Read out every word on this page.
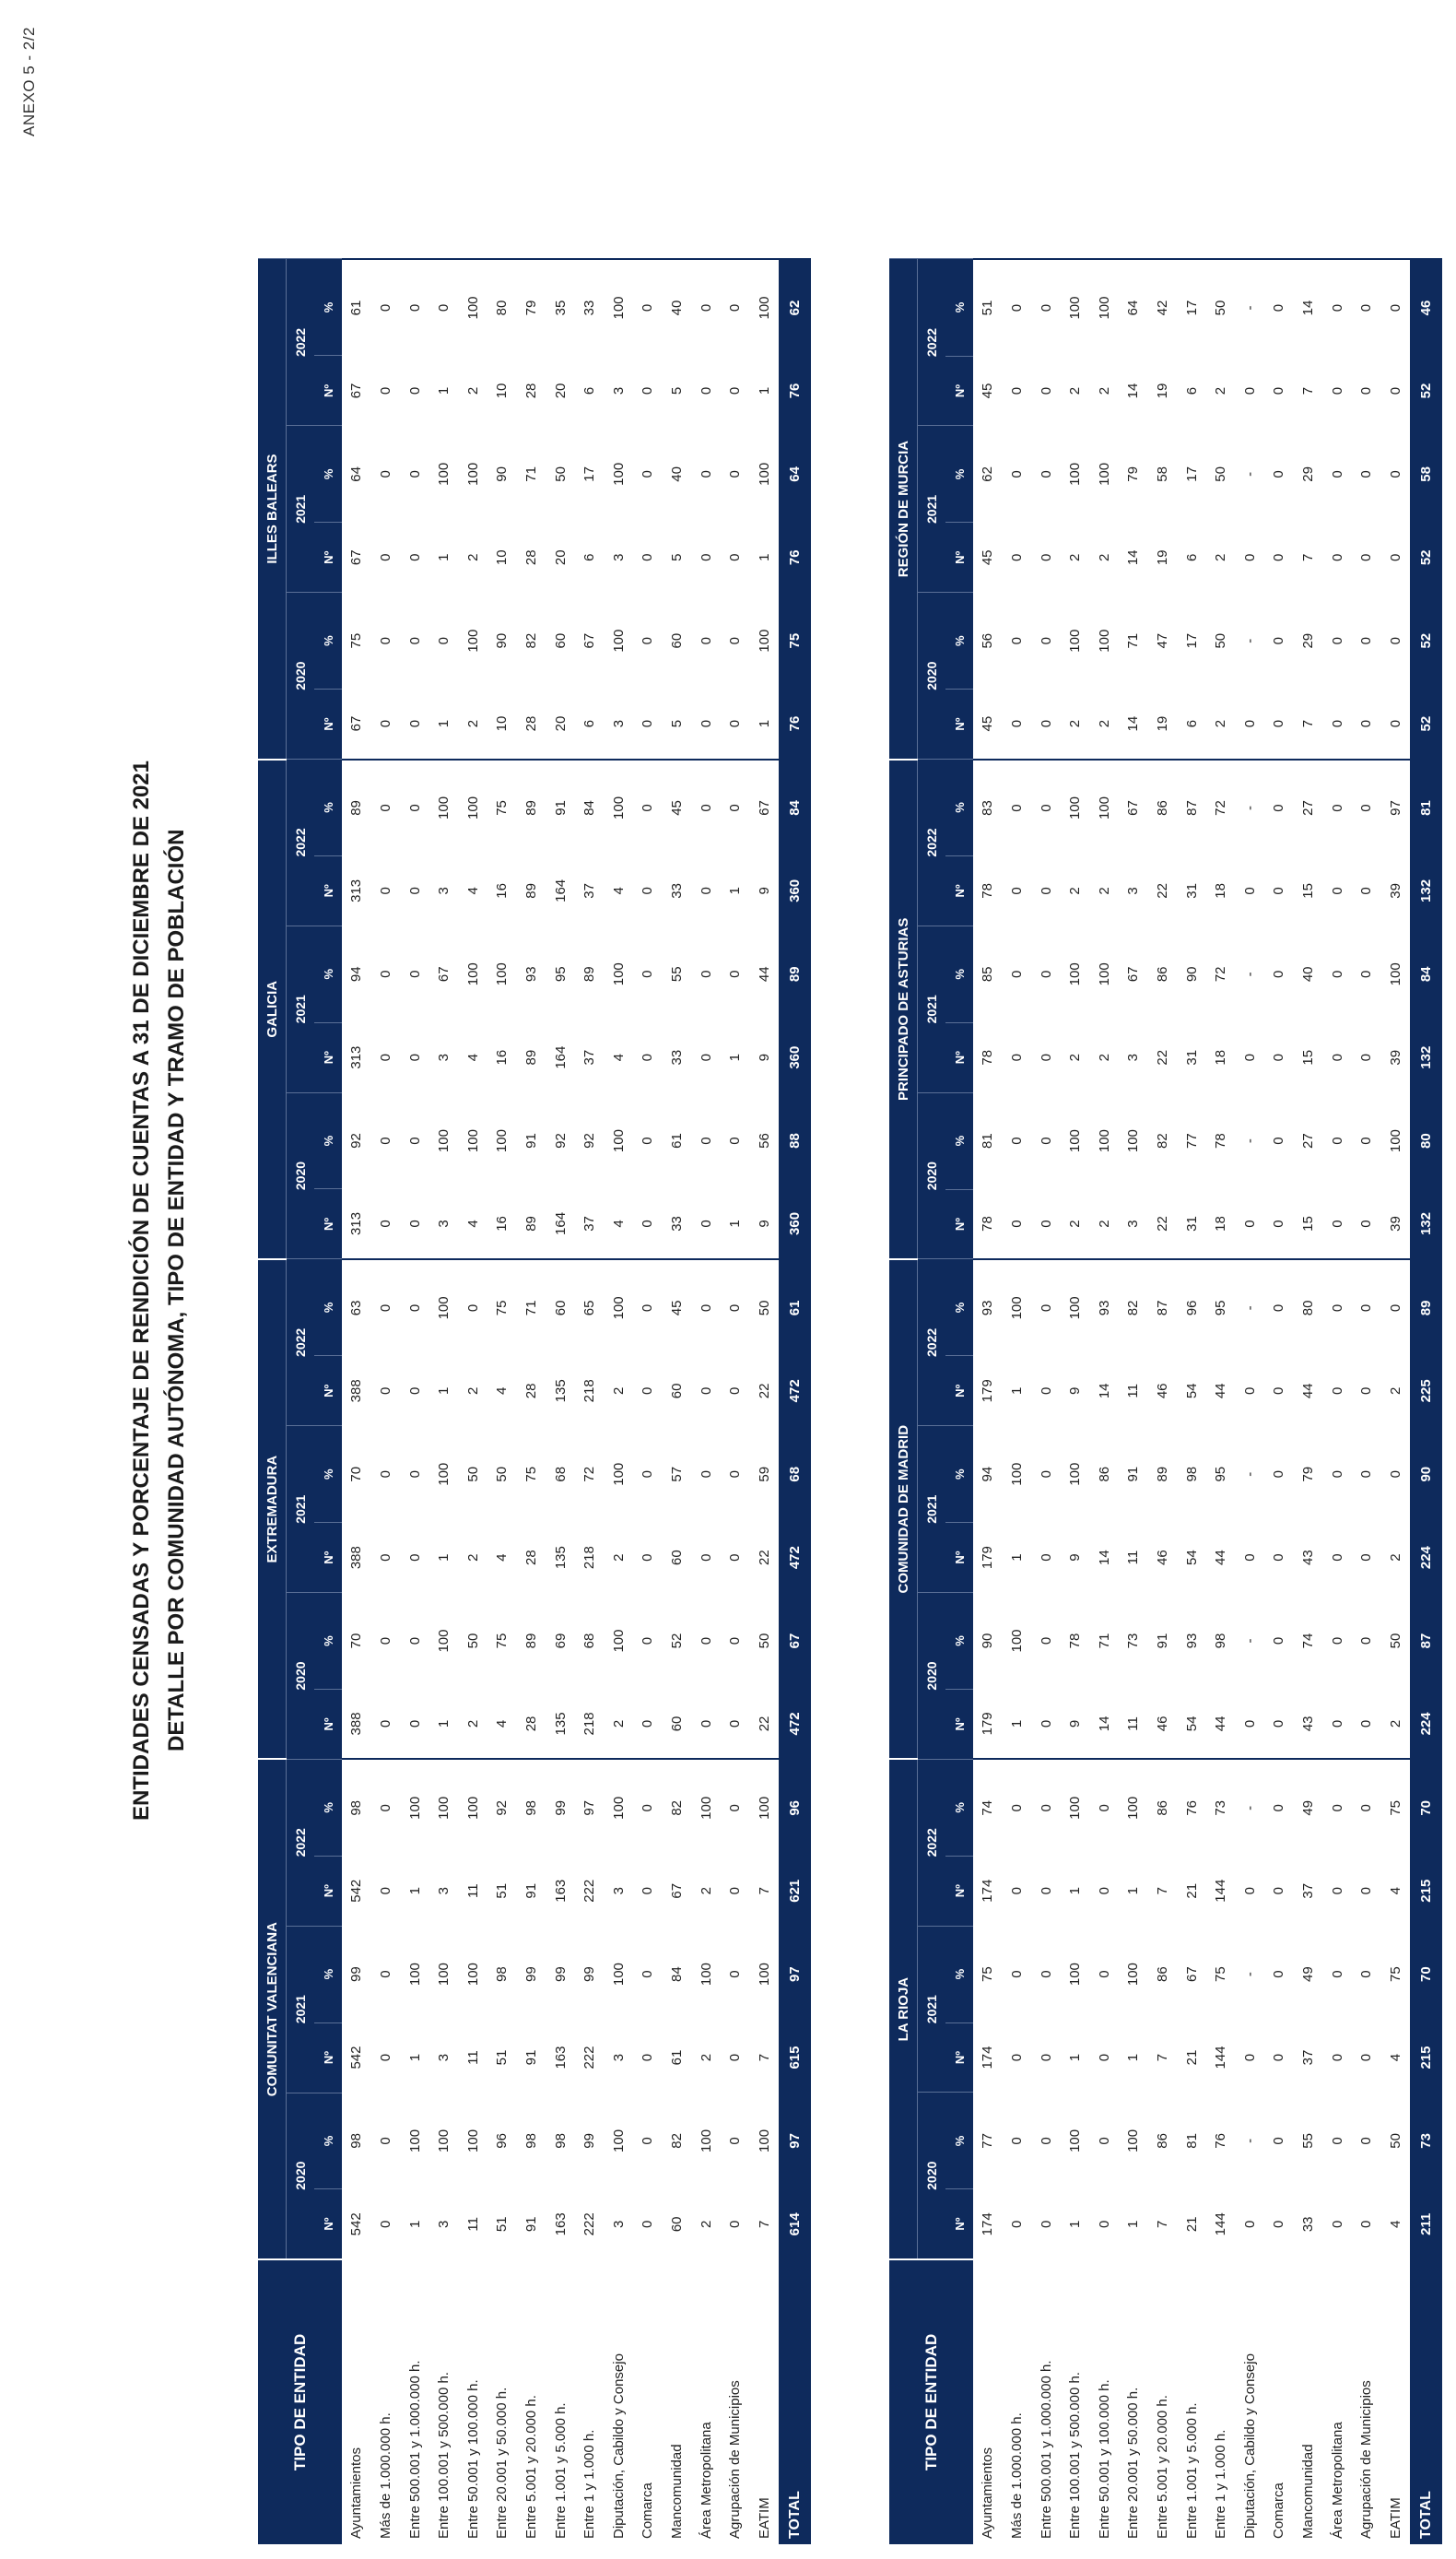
ANEXO 5 - 2/2
ENTIDADES CENSADAS Y PORCENTAJE DE RENDICIÓN DE CUENTAS A 31 DE DICIEMBRE DE 2021 DETALLE POR COMUNIDAD AUTÓNOMA, TIPO DE ENTIDAD Y TRAMO DE POBLACIÓN
TIPO DE ENTIDAD	COMUNITAT VALENCIANA						EXTREMADURA						GALICIA						ILLES BALEARS					
	2020		2021		2022		2020		2021		2022		2020		2021		2022		2020		2021		2022	
	Nº	%	Nº	%	Nº	%	Nº	%	Nº	%	Nº	%	Nº	%	Nº	%	Nº	%	Nº	%	Nº	%	Nº	%
Ayuntamientos	542	98	542	99	542	98	388	70	388	70	388	63	313	92	313	94	313	89	67	75	67	64	67	61
Más de 1.000.000 h.	0	0	0	0	0	0	0	0	0	0	0	0	0	0	0	0	0	0	0	0	0	0	0	0
Entre 500.001 y 1.000.000 h.	1	100	1	100	1	100	0	0	0	0	0	0	0	0	0	0	0	0	0	0	0	0	0	0
Entre 100.001 y 500.000 h.	3	100	3	100	3	100	1	100	1	100	1	100	3	100	3	67	3	100	1	0	1	100	1	0
Entre 50.001 y 100.000 h.	11	100	11	100	11	100	2	50	2	50	2	0	4	100	4	100	4	100	2	100	2	100	2	100
Entre 20.001 y 50.000 h.	51	96	51	98	51	92	4	75	4	50	4	75	16	100	16	100	16	75	10	90	10	90	10	80
Entre 5.001 y 20.000 h.	91	98	91	99	91	98	28	89	28	75	28	71	89	91	89	93	89	89	28	82	28	71	28	79
Entre 1.001 y 5.000 h.	163	98	163	99	163	99	135	69	135	68	135	60	164	92	164	95	164	91	20	60	20	50	20	35
Entre 1 y 1.000 h.	222	99	222	99	222	97	218	68	218	72	218	65	37	92	37	89	37	84	6	67	6	17	6	33
Diputación, Cabildo y Consejo	3	100	3	100	3	100	2	100	2	100	2	100	4	100	4	100	4	100	3	100	3	100	3	100
Comarca	0	0	0	0	0	0	0	0	0	0	0	0	0	0	0	0	0	0	0	0	0	0	0	0
Mancomunidad	60	82	61	84	67	82	60	52	60	57	60	45	33	61	33	55	33	45	5	60	5	40	5	40
Área Metropolitana	2	100	2	100	2	100	0	0	0	0	0	0	0	0	0	0	0	0	0	0	0	0	0	0
Agrupación de Municipios	0	0	0	0	0	0	0	0	0	0	0	0	1	0	1	0	1	0	0	0	0	0	0	0
EATIM	7	100	7	100	7	100	22	50	22	59	22	50	9	56	9	44	9	67	1	100	1	100	1	100
TOTAL	614	97	615	97	621	96	472	67	472	68	472	61	360	88	360	89	360	84	76	75	76	64	76	62
TIPO DE ENTIDAD	LA RIOJA						COMUNIDAD DE MADRID						PRINCIPADO DE ASTURIAS						REGIÓN DE MURCIA					
	2020		2021		2022		2020		2021		2022		2020		2021		2022		2020		2021		2022	
	Nº	%	Nº	%	Nº	%	Nº	%	Nº	%	Nº	%	Nº	%	Nº	%	Nº	%	Nº	%	Nº	%	Nº	%
Ayuntamientos	174	77	174	75	174	74	179	90	179	94	179	93	78	81	78	85	78	83	45	56	45	62	45	51
Más de 1.000.000 h.	0	0	0	0	0	0	1	100	1	100	1	100	0	0	0	0	0	0	0	0	0	0	0	0
Entre 500.001 y 1.000.000 h.	0	0	0	0	0	0	0	0	0	0	0	0	0	0	0	0	0	0	0	0	0	0	0	0
Entre 100.001 y 500.000 h.	1	100	1	100	1	100	9	78	9	100	9	100	2	100	2	100	2	100	2	100	2	100	2	100
Entre 50.001 y 100.000 h.	0	0	0	0	0	0	14	71	14	86	14	93	2	100	2	100	2	100	2	100	2	100	2	100
Entre 20.001 y 50.000 h.	1	100	1	100	1	100	11	73	11	91	11	82	3	100	3	67	3	67	14	71	14	79	14	64
Entre 5.001 y 20.000 h.	7	86	7	86	7	86	46	91	46	89	46	87	22	82	22	86	22	86	19	47	19	58	19	42
Entre 1.001 y 5.000 h.	21	81	21	67	21	76	54	93	54	98	54	96	31	77	31	90	31	87	6	17	6	17	6	17
Entre 1 y 1.000 h.	144	76	144	75	144	73	44	98	44	95	44	95	18	78	18	72	18	72	2	50	2	50	2	50
Diputación, Cabildo y Consejo	0	-	0	-	0	-	0	-	0	-	0	-	0	-	0	-	0	-	0	-	0	-	0	-
Comarca	0	0	0	0	0	0	0	0	0	0	0	0	0	0	0	0	0	0	0	0	0	0	0	0
Mancomunidad	33	55	37	49	37	49	43	74	43	79	44	80	15	27	15	40	15	27	7	29	7	29	7	14
Área Metropolitana	0	0	0	0	0	0	0	0	0	0	0	0	0	0	0	0	0	0	0	0	0	0	0	0
Agrupación de Municipios	0	0	0	0	0	0	0	0	0	0	0	0	0	0	0	0	0	0	0	0	0	0	0	0
EATIM	4	50	4	75	4	75	2	50	2	0	2	0	39	100	39	100	39	97	0	0	0	0	0	0
TOTAL	211	73	215	70	215	70	224	87	224	90	225	89	132	80	132	84	132	81	52	52	52	58	52	46
